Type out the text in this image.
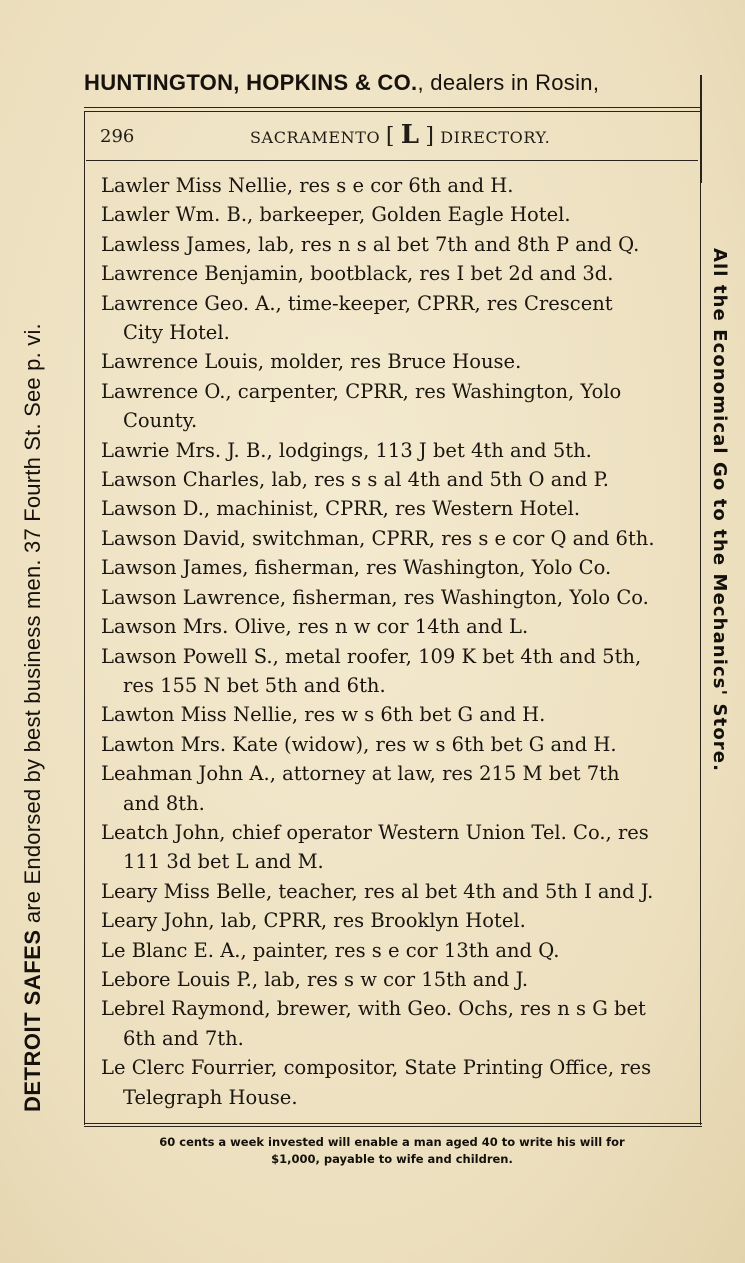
HUNTINGTON, HOPKINS & CO., dealers in Rosin,
296	SACRAMENTO [ L ] DIRECTORY.
Lawler Miss Nellie, res s e cor 6th and H.
Lawler Wm. B., barkeeper, Golden Eagle Hotel.
Lawless James, lab, res n s al bet 7th and 8th P and Q.
Lawrence Benjamin, bootblack, res I bet 2d and 3d.
Lawrence Geo. A., time-keeper, CPRR, res Crescent
City Hotel.
Lawrence Louis, molder, res Bruce House.
Lawrence O., carpenter, CPRR, res Washington, Yolo
County.
Lawrie Mrs. J. B., lodgings, 113 J bet 4th and 5th.
Lawson Charles, lab, res s s al 4th and 5th O and P.
Lawson D., machinist, CPRR, res Western Hotel.
Lawson David, switchman, CPRR, res s e cor Q and 6th.
Lawson James, fisherman, res Washington, Yolo Co.
Lawson Lawrence, fisherman, res Washington, Yolo Co.
Lawson Mrs. Olive, res n w cor 14th and L.
Lawson Powell S., metal roofer, 109 K bet 4th and 5th,
res 155 N bet 5th and 6th.
Lawton Miss Nellie, res w s 6th bet G and H.
Lawton Mrs. Kate (widow), res w s 6th bet G and H.
Leahman John A., attorney at law, res 215 M bet 7th
and 8th.
Leatch John, chief operator Western Union Tel. Co., res
111 3d bet L and M.
Leary Miss Belle, teacher, res al bet 4th and 5th I and J.
Leary John, lab, CPRR, res Brooklyn Hotel.
Le Blanc E. A., painter, res s e cor 13th and Q.
Lebore Louis P., lab, res s w cor 15th and J.
Lebrel Raymond, brewer, with Geo. Ochs, res n s G bet
6th and 7th.
Le Clerc Fourrier, compositor, State Printing Office, res
Telegraph House.
60 cents a week invested will enable a man aged 40 to write his will for
$1,000, payable to wife and children.
DETROIT SAFES are Endorsed by best business men. 37 Fourth St. See p. vi.	All the Economical Go to the Mechanics' Store.
